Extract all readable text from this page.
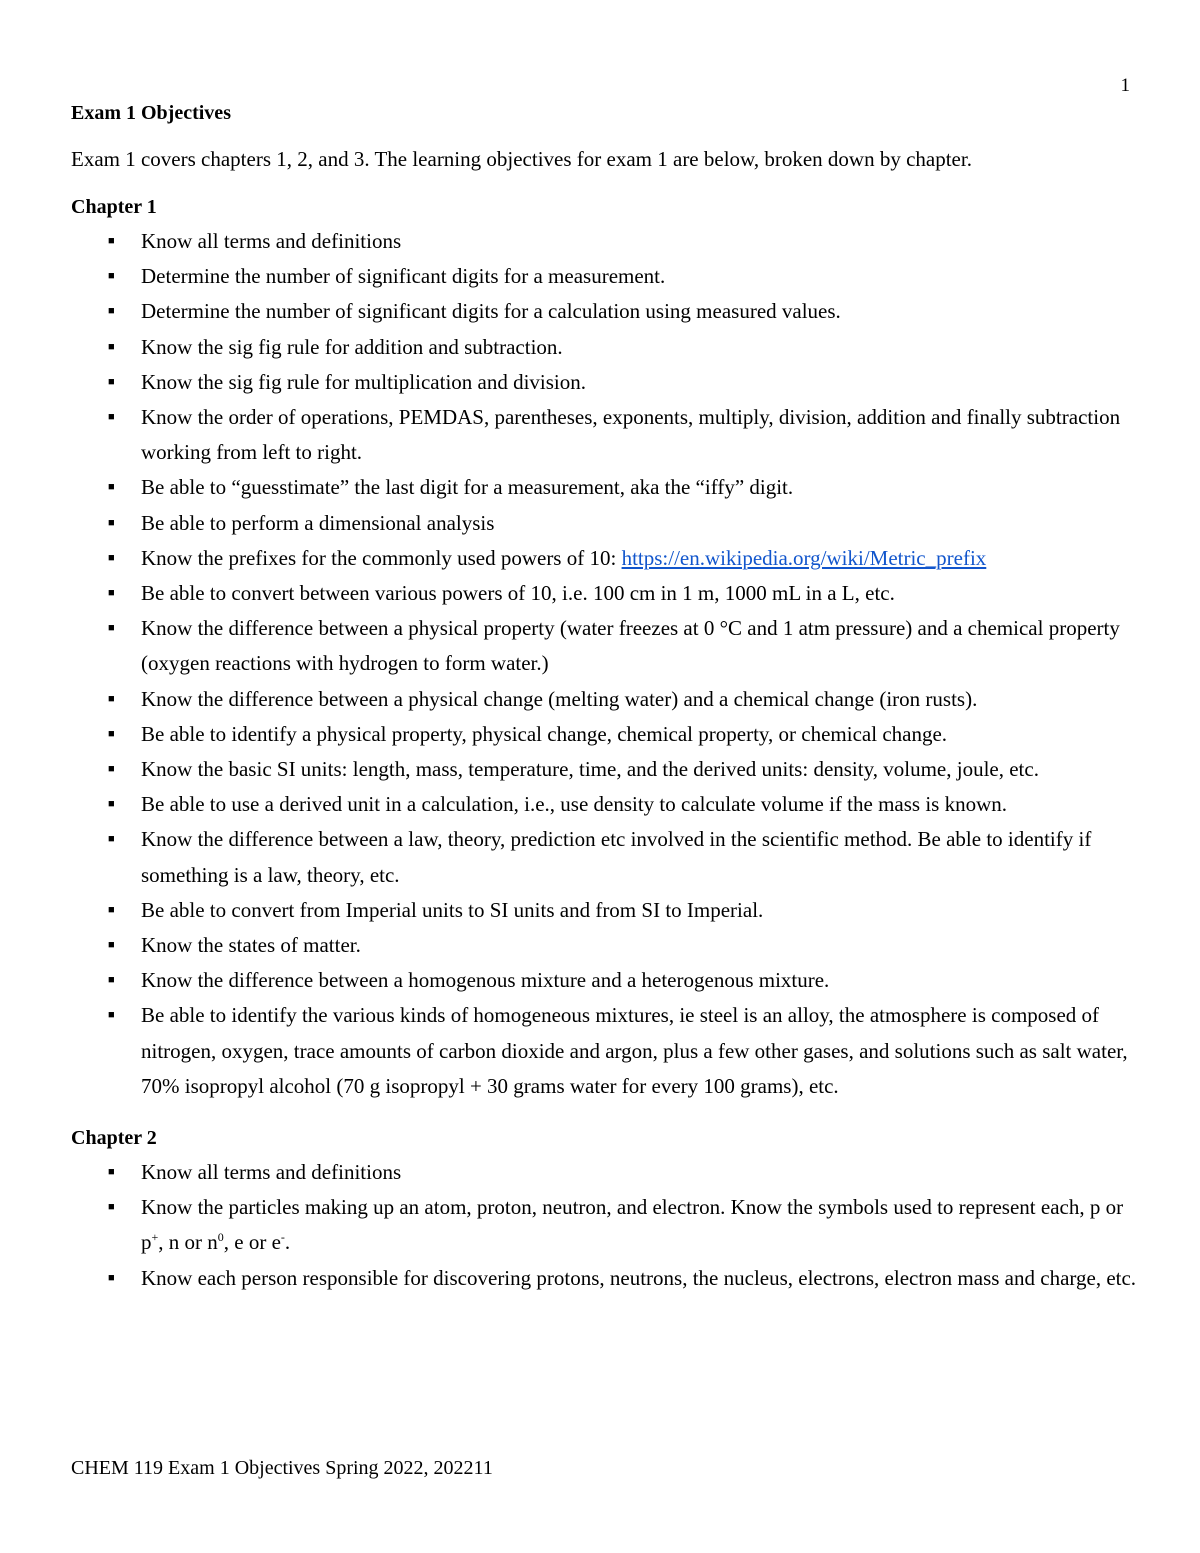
1

Exam 1 Objectives

Exam 1 covers chapters 1, 2, and 3. The learning objectives for exam 1 are below, broken down by chapter.

Chapter 1
■ Know all terms and definitions
■ Determine the number of significant digits for a measurement.
■ Determine the number of significant digits for a calculation using measured values.
■ Know the sig fig rule for addition and subtraction.
■ Know the sig fig rule for multiplication and division.
■ Know the order of operations, PEMDAS, parentheses, exponents, multiply, division, addition and finally subtraction working from left to right.
■ Be able to “guesstimate” the last digit for a measurement, aka the “iffy” digit.
■ Be able to perform a dimensional analysis
■ Know the prefixes for the commonly used powers of 10: https://en.wikipedia.org/wiki/Metric_prefix
■ Be able to convert between various powers of 10, i.e. 100 cm in 1 m, 1000 mL in a L, etc.
■ Know the difference between a physical property (water freezes at 0 °C and 1 atm pressure) and a chemical property (oxygen reactions with hydrogen to form water.)
■ Know the difference between a physical change (melting water) and a chemical change (iron rusts).
■ Be able to identify a physical property, physical change, chemical property, or chemical change.
■ Know the basic SI units: length, mass, temperature, time, and the derived units: density, volume, joule, etc.
■ Be able to use a derived unit in a calculation, i.e., use density to calculate volume if the mass is known.
■ Know the difference between a law, theory, prediction etc involved in the scientific method. Be able to identify if something is a law, theory, etc.
■ Be able to convert from Imperial units to SI units and from SI to Imperial.
■ Know the states of matter.
■ Know the difference between a homogenous mixture and a heterogenous mixture.
■ Be able to identify the various kinds of homogeneous mixtures, ie steel is an alloy, the atmosphere is composed of nitrogen, oxygen, trace amounts of carbon dioxide and argon, plus a few other gases, and solutions such as salt water, 70% isopropyl alcohol (70 g isopropyl + 30 grams water for every 100 grams), etc.
Chapter 2
■ Know all terms and definitions
■ Know the particles making up an atom, proton, neutron, and electron. Know the symbols used to represent each, p or p+, n or $n^0$, e or e-.
■ Know each person responsible for discovering protons, neutrons, the nucleus, electrons, electron mass and charge, etc.

CHEM 119 Exam 1 Objectives Spring 2022, 202211
